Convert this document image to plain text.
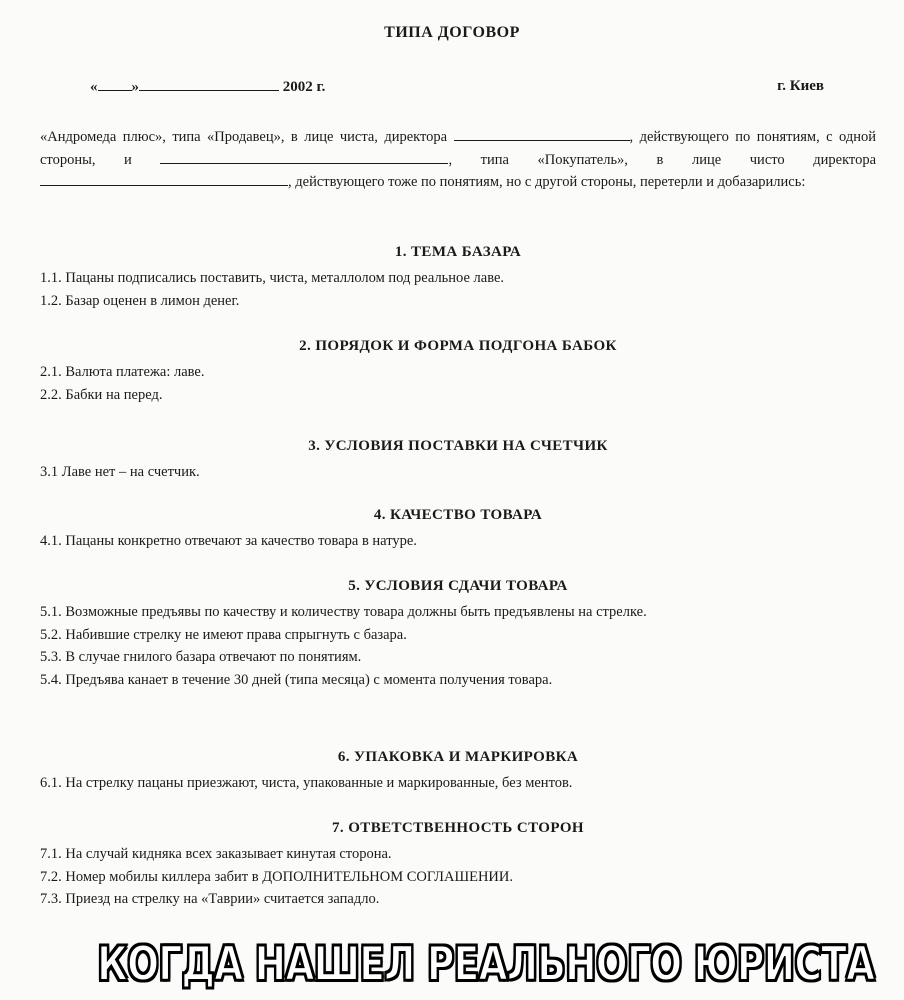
ТИПА ДОГОВОР
« »	2002 г.	г. Киев
«Андромеда плюс», типа «Продавец», в лице чиста, директора	, действующего по понятиям, с одной стороны, и	, типа «Покупатель», в лице чисто директора , действующего тоже по понятиям, но с другой стороны, перетерли и добазарились:
1. ТЕМА БАЗАРА
1.1. Пацаны подписались поставить, чиста, металлолом под реальное лаве.
1.2. Базар оценен в лимон денег.
2. ПОРЯДОК И ФОРМА ПОДГОНА БАБОК
2.1. Валюта платежа: лаве.
2.2. Бабки на перед.
3. УСЛОВИЯ ПОСТАВКИ НА СЧЕТЧИК
3.1 Лаве нет – на счетчик.
4. КАЧЕСТВО ТОВАРА
4.1. Пацаны конкретно отвечают за качество товара в натуре.
5. УСЛОВИЯ СДАЧИ ТОВАРА
5.1. Возможные предъявы по качеству и количеству товара должны быть предъявлены на стрелке.
5.2. Набившие стрелку не имеют права спрыгнуть с базара.
5.3. В случае гнилого базара отвечают по понятиям.
5.4. Предъявa канает в течение 30 дней (типа месяца) с момента получения товара.
6. УПАКОВКА И МАРКИРОВКА
6.1. На стрелку пацаны приезжают, чиста, упакованные и маркированные, без ментов.
7. ОТВЕТСТВЕННОСТЬ СТОРОН
7.1. На случай кидняка всех заказывает кинутая сторона.
7.2. Номер мобилы киллера забит в ДОПОЛНИТЕЛЬНОМ СОГЛАШЕНИИ.
7.3. Приезд на стрелку на «Таврии» считается западло.
КОГДА НАШЕЛ РЕАЛЬНОГО ЮРИСТА
